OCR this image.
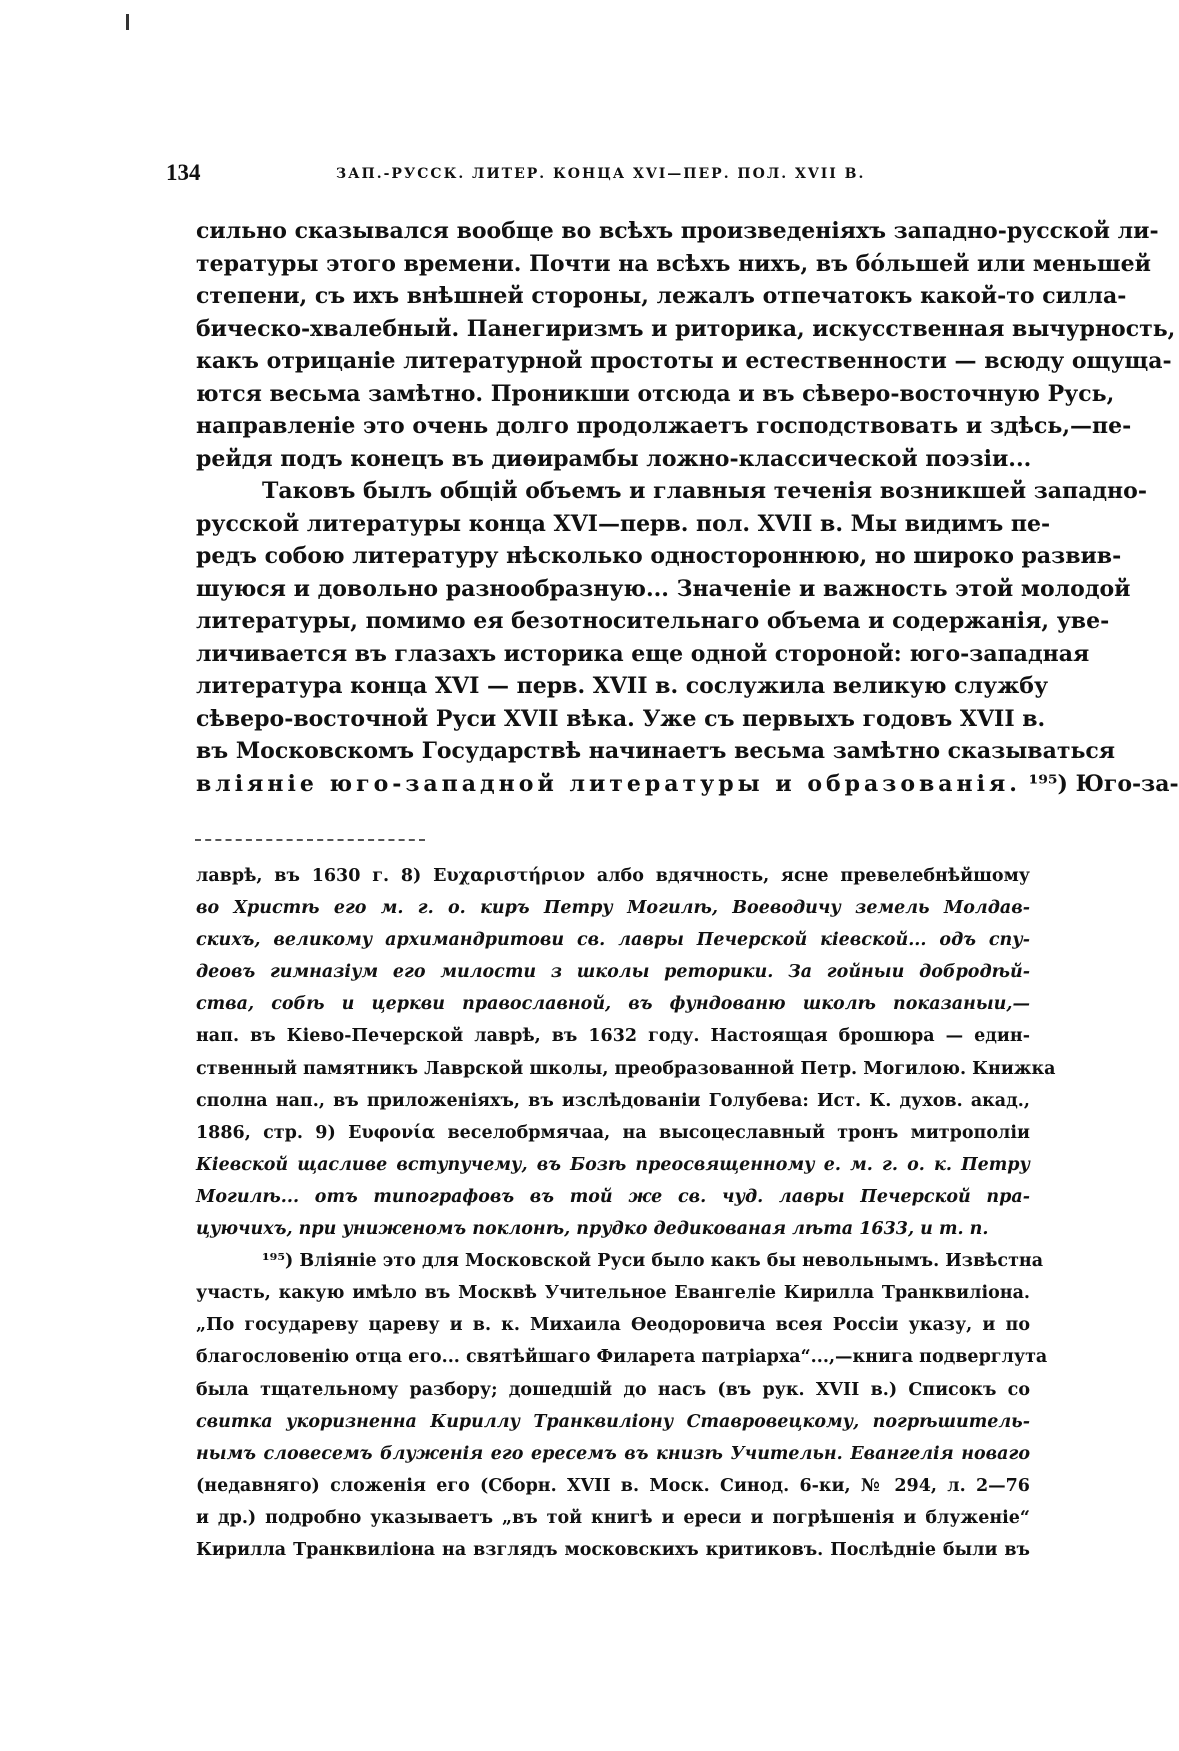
134	ЗАП.-РУССК. ЛИТЕР. КОНЦА XVI—ПЕР. ПОЛ. XVII В.
сильно сказывался вообще во всѣхъ произведеніяхъ западно-русской ли-
тературы этого времени. Почти на всѣхъ нихъ, въ бо́льшей или меньшей
степени, съ ихъ внѣшней стороны, лежалъ отпечатокъ какой-то силла-
бическо-хвалебный. Панегиризмъ и риторика, искусственная вычурность,
какъ отрицаніе литературной простоты и естественности — всюду ощуща-
ются весьма замѣтно. Проникши отсюда и въ сѣверо-восточную Русь,
направленіе это очень долго продолжаетъ господствовать и здѣсь,—пе-
рейдя подъ конецъ въ диѳирамбы ложно-классической поэзіи...
Таковъ былъ общій объемъ и главныя теченія возникшей западно-
русской литературы конца XVI—перв. пол. XVII в. Мы видимъ пе-
редъ собою литературу нѣсколько одностороннюю, но широко развив-
шуюся и довольно разнообразную... Значеніе и важность этой молодой
литературы, помимо ея безотносительнаго объема и содержанія, уве-
личивается въ глазахъ историка еще одной стороной: юго-западная
литература конца XVI — перв. XVII в. сослужила великую службу
сѣверо-восточной Руси XVII вѣка. Уже съ первыхъ годовъ XVII в.
въ Московскомъ Государствѣ начинаетъ весьма замѣтно сказываться
вліяніе юго-западной литературы и образованія. ¹⁹⁵) Юго-за-
лаврѣ, въ 1630 г. 8) Ευχαριστήριον албо вдячность, ясне превелебнѣйшому
во Христѣ его м. г. о. киръ Петру Могилѣ, Воеводичу земель Молдав-
скихъ, великому архимандритови св. лавры Печерской кіевской... одъ спу-
деовъ гимназіум его милости з школы реторики. За гойныи добродѣй-
ства, собѣ и церкви православной, въ фундованю школѣ показаныи,—
нап. въ Кіево-Печерской лаврѣ, въ 1632 году. Настоящая брошюра — един-
ственный памятникъ Лаврской школы, преобразованной Петр. Могилою. Книжка
сполна нап., въ приложеніяхъ, въ изслѣдованіи Голубева: Ист. К. духов. акад.,
1886, стр. 9) Ευφονία веселобрмячаа, на высоцеславный тронъ митрополіи
Кіевской щасливе вступучему, въ Бозѣ преосвященному е. м. г. о. к. Петру
Могилѣ... отъ типографовъ въ той же св. чуд. лавры Печерской пра-
цуючихъ, при униженомъ поклонѣ, прудко дедикованая лѣта 1633, и т. п.
¹⁹⁵) Вліяніе это для Московской Руси было какъ бы невольнымъ. Извѣстна
участь, какую имѣло въ Москвѣ Учительное Евангеліе Кирилла Транквиліона.
„По государеву цареву и в. к. Михаила Ѳеодоровича всея Россіи указу, и по
благословенію отца его... святѣйшаго Филарета патріарха“...,—книга подверглута
была тщательному разбору; дошедшій до насъ (въ рук. XVII в.) Списокъ со
свитка укоризненна Кириллу Транквиліону Ставровецкому, погрѣшитель-
нымъ словесемъ блуженія его ересемъ въ книзѣ Учительн. Евангелія новаго
(недавняго) сложенія его (Сборн. XVII в. Моск. Синод. 6-ки, № 294, л. 2—76
и др.) подробно указываетъ „въ той книгѣ и ереси и погрѣшенія и блуженіе“
Кирилла Транквиліона на взглядъ московскихъ критиковъ. Послѣдніе были въ
